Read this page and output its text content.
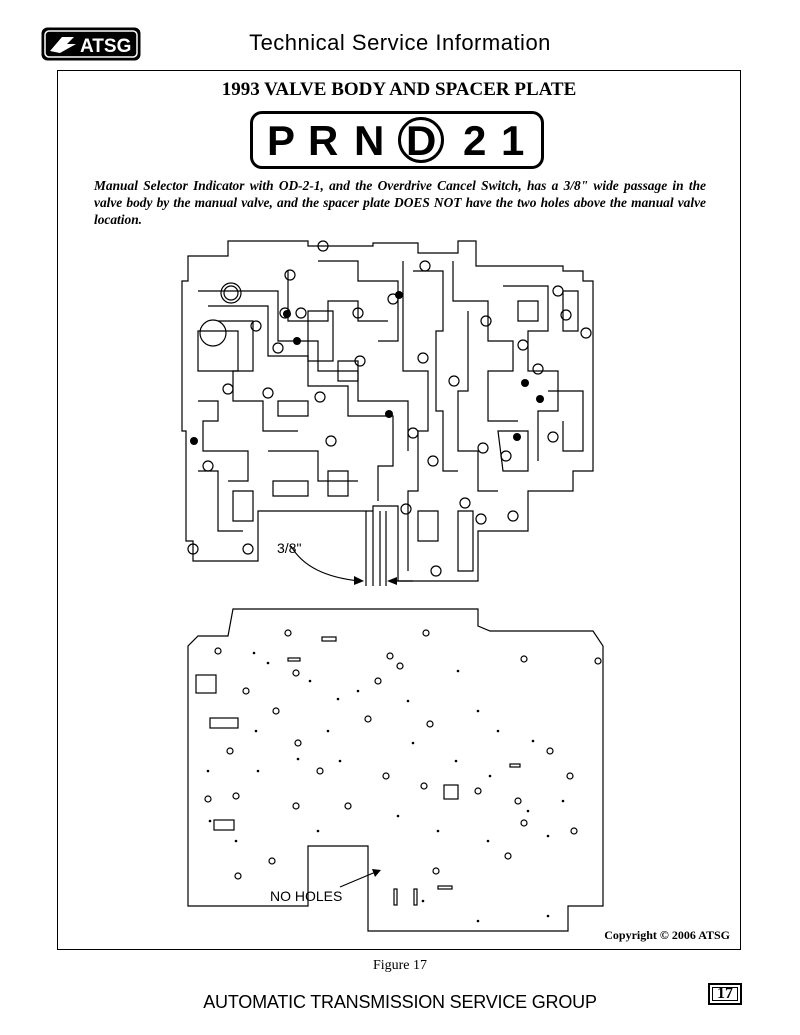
ATSG	Technical Service Information
1993 VALVE BODY AND SPACER PLATE
P R N D 2 1
Manual Selector Indicator with OD-2-1, and the Overdrive Cancel Switch, has a 3/8" wide passage in the valve body by the manual valve, and the spacer plate DOES NOT have the two holes above the manual valve location.
3/8"
NO HOLES
Copyright © 2006 ATSG
Figure 17
AUTOMATIC TRANSMISSION SERVICE GROUP	17
